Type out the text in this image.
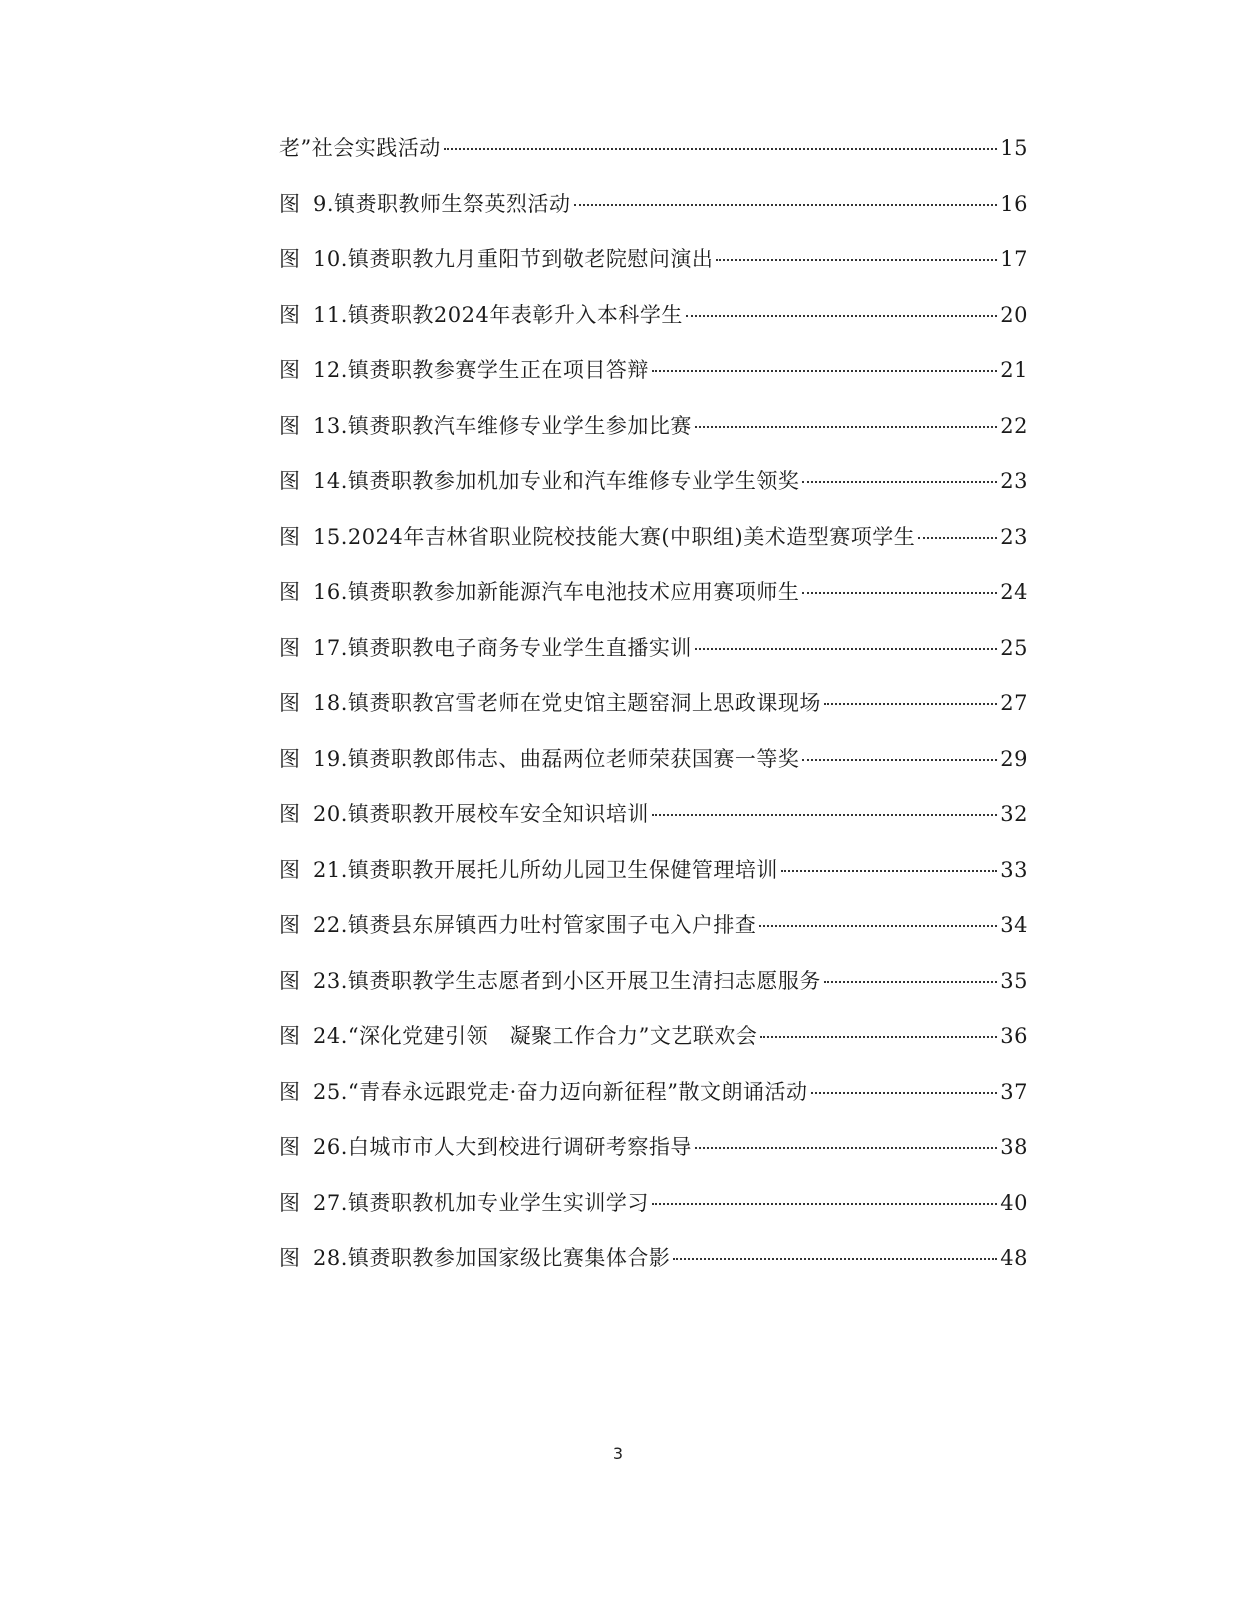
老”社会实践活动	15
图 9.镇赉职教师生祭英烈活动	16
图 10.镇赉职教九月重阳节到敬老院慰问演出	17
图 11.镇赉职教2024年表彰升入本科学生	20
图 12.镇赉职教参赛学生正在项目答辩	21
图 13.镇赉职教汽车维修专业学生参加比赛	22
图 14.镇赉职教参加机加专业和汽车维修专业学生领奖	23
图 15.2024年吉林省职业院校技能大赛(中职组)美术造型赛项学生	23
图 16.镇赉职教参加新能源汽车电池技术应用赛项师生	24
图 17.镇赉职教电子商务专业学生直播实训	25
图 18.镇赉职教宫雪老师在党史馆主题窑洞上思政课现场	27
图 19.镇赉职教郎伟志、曲磊两位老师荣获国赛一等奖	29
图 20.镇赉职教开展校车安全知识培训	32
图 21.镇赉职教开展托儿所幼儿园卫生保健管理培训	33
图 22.镇赉县东屏镇西力吐村管家围子屯入户排查	34
图 23.镇赉职教学生志愿者到小区开展卫生清扫志愿服务	35
图 24.“深化党建引领　凝聚工作合力”文艺联欢会	36
图 25.“青春永远跟党走·奋力迈向新征程”散文朗诵活动	37
图 26.白城市市人大到校进行调研考察指导	38
图 27.镇赉职教机加专业学生实训学习	40
图 28.镇赉职教参加国家级比赛集体合影	48
3
